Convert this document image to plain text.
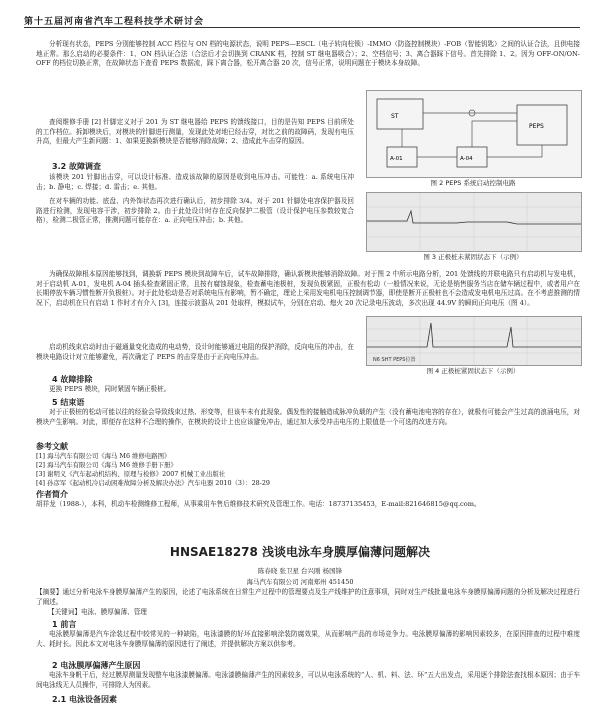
第十五届河南省汽车工程科技学术研讨会

分析现有状态，PEPS 分别能够控制 ACC 档位与 ON 档的电源状态，说明 PEPS—ESCL（电子转向柱锁）-IMMO（防盗控制模块）-FOB（智能钥匙）之间的认证合法，且供电接地正常。那么启动的必要条件：1、ON 档认证合法（合法后才会切换到 CRANK 档，控制 ST 继电器吸合）；2、空档信号；3、离合器踩下信号。首先排除 1、2。因为 OFF-ON/ON-OFF 的档位切换正常，在故障状态下查看 PEPS 数据流，踩下离合器，松开离合器 20 次，信号正常，说明问题在于模块本身故障。

查阅维修手册 [2] 针脚定义对于 201 为 ST 继电器给 PEPS 的馈线接口，目的是告知 PEPS 目前所处的工作档位。拆卸模块后，对模块的针脚进行测量，发现此处对地已经击穿，对比之前的故障码，发现有电压升高，但最大产生新问题：1、如果更换新模块是否能够消除故障；2、造成此车击穿的原因。

3.2 故障调查

该模块 201 针脚出击穿，可以设计标准、造成该故障的原因是收到电压冲击。可能性：a. 系统电压冲击；b. 静电；c. 焊接；d. 雷击；e. 其他。

在对车辆的功能、底盘、内外饰状态再次进行确认后，初步排除 3/4。对于 201 针脚处电容保护器及回路进行检测，发现电容干涉，初步排除 2。由于此处设计时存在反向保护二极管（设计保护电压参数较宽合格），检测二极管正常，推测问题可能存在：a. 正向电压冲击；b. 其他。

ST
PEPS
A-01	A-04
图 2 PEPS 系统启动控制电路
图 3 正极桩未紧固状态下（示例）

为确保故障根本原因能够找到，调换新 PEPS 模块到故障车后，试车故障排除，确认新模块能够消除故障。对于图 2 中所示电路分析，201 处馈线的并联电路只有启动机与发电机，对于启动机 A-01，发电机 A-04 插头检查紧固正常，且按有腐蚀现象，检查蓄电池极桩，发现负极紧固，正极有松动（一般情况来说，无论是销售服务当店在储车辆过程中，或者用户在长期停放车辆习惯性断开负极桩）。对于此处松动是否对系统电压有影响，暂不确定，理论上采用发电机电压控制调节器，即使是断开正极桩也不会造成发电机电压过高。在不考虑推测的情况下，启动机在只有启动 1 作时才有介入 [3]，连接示波器从 201 处取样，模拟试车，分别在启动、熄火 20 次记录电压波动，多次出现 44.9V 的瞬间正向电压（图 4）。

N6 SHT PEPS位置
图 4 正极桩紧固状态下（示例）

启动机线束启动时由于磁通量变化造成的电动势，设计时能够通过电阻的保护消除，反向电压的冲击，在模块电路设计对立能够避免，再次确定了 PEPS 的击穿是由于正向电压冲击。

4 故障排除

更换 PEPS 模块，同时紧固车辆正极桩。

5 结束语

对于正极桩的松动可能以往的经验会导致线束过热、形变等，但该车未有此现象。偶发性的接触造成脉冲负载的产生（没有蓄电池电容的存在），就极有可能会产生过高的浪涌电压，对模块产生影响。对此，即便存在这种不合理的操作，在模块的设计上也应该避免冲击，通过加大承受冲击电压的上限值是一个可选的改进方向。

参考文献
[1] 海马汽车有限公司《海马 M6 维修电路图》
[2] 海马汽车有限公司《海马 M6 维修手册下册》
[3] 谢明义《汽车起动机结构、原理与检修》2007 机械工业出版社
[4] 孙彦军《起动机冷启动困难故障分析及解决办法》汽车电器 2010（3）：28-29
作者简介

胡祥龙（1988-），本科，机动车检测维修工程师，从事乘用车售后维修技术研究及管理工作。电话：18737135453，E-mail:821646815@qq.com。

HNSAE18278 浅谈电泳车身膜厚偏薄问题解决
陈春晓 张卫星 台兴刚 杨国锋
海马汽车有限公司 河南郑州 451450

【摘要】通过分析电泳车身膜厚偏薄产生的原因，论述了电泳系统在日常生产过程中的管理要点及生产线维护的注意事项，同时对生产线批量电泳车身膜厚偏薄问题的分析及解决过程进行了阐述。

【关键词】电泳、膜厚偏薄、管理

1 前言

电泳膜厚偏薄是汽车涂装过程中较常见的一种缺陷，电泳漆膜的好坏直接影响涂装防腐效果，从而影响产品的市场竞争力。电泳膜厚偏薄的影响因素较多，在原因排查的过程中难度大、耗时长。因此本文对电泳车身膜厚偏薄的原因进行了阐述，并提供解决方案以供参考。

2 电泳膜厚偏薄产生原因

电泳车身帆干后，经过膜厚测量发现整车电泳漆膜偏薄。电泳漆膜偏薄产生的因素较多，可以从电泳系统的“人、机、料、法、环”五大出发点，采用逐个排除法查找根本原因；由于车间电泳线无人员操作，可排除人为因素。

2.1 电泳设备因素
